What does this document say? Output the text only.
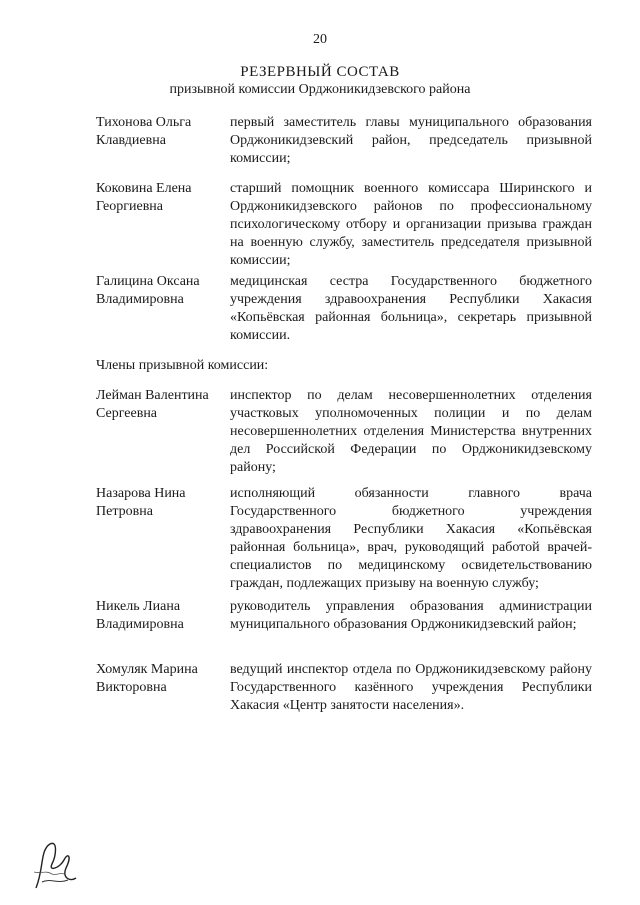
20
РЕЗЕРВНЫЙ СОСТАВ
призывной комиссии Орджоникидзевского района
Тихонова Ольга Клавдиевна
первый заместитель главы муниципального образования Орджоникидзевский район, председатель призывной комиссии;
Коковина Елена Георгиевна
старший помощник военного комиссара Ширинского и Орджоникидзевского районов по профессиональному психологическому отбору и организации призыва граждан на военную службу, заместитель председателя призывной комиссии;
Галицина Оксана Владимировна
медицинская сестра Государственного бюджетного учреждения здравоохранения Республики Хакасия «Копьёвская районная больница», секретарь призывной комиссии.
Члены призывной комиссии:
Лейман Валентина Сергеевна
инспектор по делам несовершеннолетних отделения участковых уполномоченных полиции и по делам несовершеннолетних отделения Министерства внутренних дел Российской Федерации по Орджоникидзевскому району;
Назарова Нина Петровна
исполняющий обязанности главного врача Государственного бюджетного учреждения здравоохранения Республики Хакасия «Копьёвская районная больница», врач, руководящий работой врачей-специалистов по медицинскому освидетельствованию граждан, подлежащих призыву на военную службу;
Никель Лиана Владимировна
руководитель управления образования администрации муниципального образования Орджоникидзевский район;
Хомуляк Марина Викторовна
ведущий инспектор отдела по Орджоникидзевскому району Государственного казённого учреждения Республики Хакасия «Центр занятости населения».
